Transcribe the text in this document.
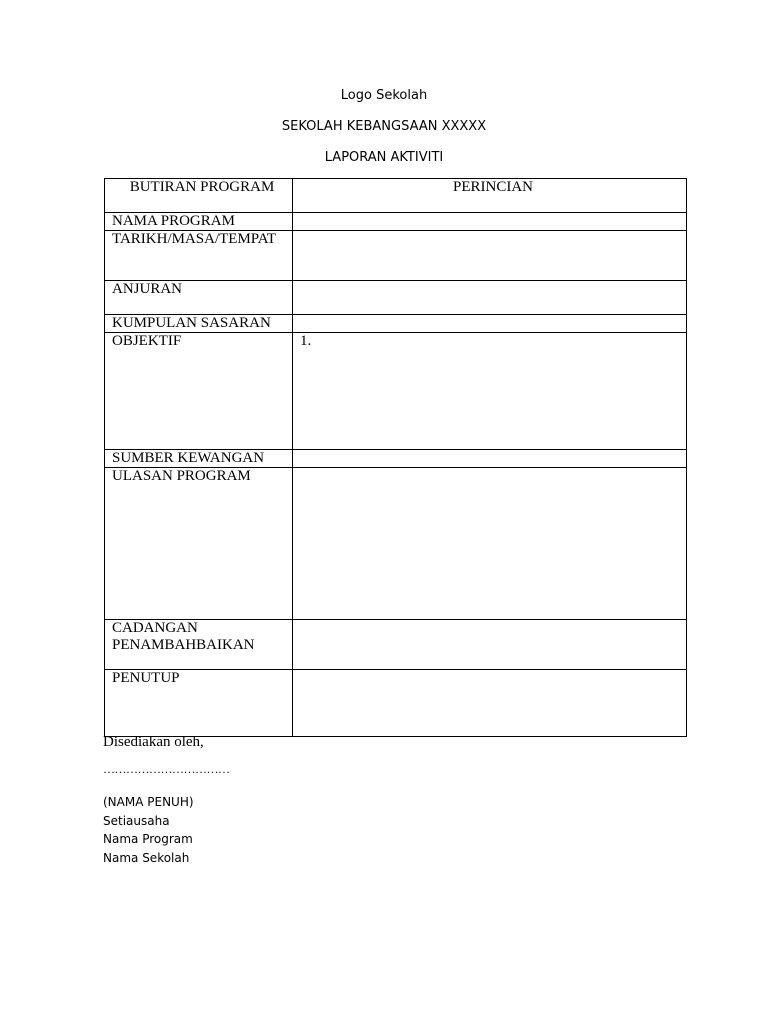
Logo Sekolah
SEKOLAH KEBANGSAAN XXXXX
LAPORAN AKTIVITI
BUTIRAN PROGRAM	PERINCIAN
NAMA PROGRAM	
TARIKH/MASA/TEMPAT	
ANJURAN	
KUMPULAN SASARAN	
OBJEKTIF	1.
SUMBER KEWANGAN	
ULASAN PROGRAM	
CADANGAN PENAMBAHBAIKAN	
PENUTUP	
Disediakan oleh,
……………………………
(NAMA PENUH)
Setiausaha
Nama Program
Nama Sekolah
